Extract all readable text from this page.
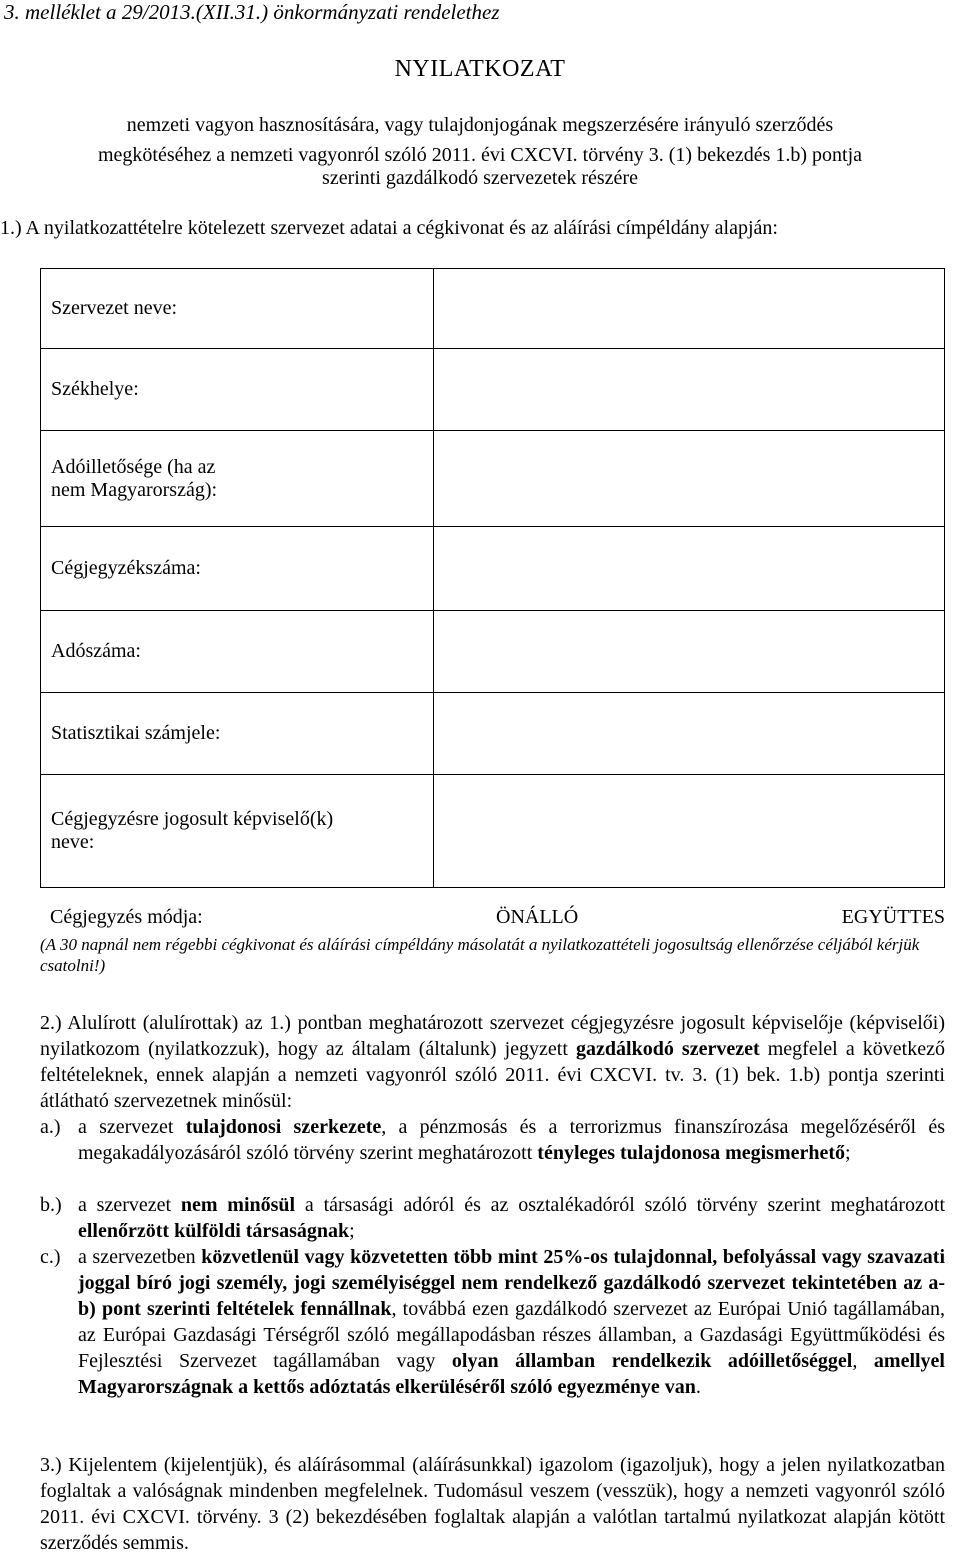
3. melléklet a 29/2013.(XII.31.) önkormányzati rendelethez
NYILATKOZAT
nemzeti vagyon hasznosítására, vagy tulajdonjogának megszerzésére irányuló szerződés
megkötéséhez a nemzeti vagyonról szóló 2011. évi CXCVI. törvény 3. (1) bekezdés 1.b) pontja
szerinti gazdálkodó szervezetek részére
1.) A nyilatkozattételre kötelezett szervezet adatai a cégkivonat és az aláírási címpéldány alapján:
Szervezet neve:	
Székhelye:	
Adóilletősége (ha az nem Magyarország):	
Cégjegyzékszáma:	
Adószáma:	
Statisztikai számjele:	
Cégjegyzésre jogosult képviselő(k) neve:	
Cégjegyzés módja:	ÖNÁLLÓ	EGYÜTTES
(A 30 napnál nem régebbi cégkivonat és aláírási címpéldány másolatát a nyilatkozattételi jogosultság ellenőrzése céljából kérjük csatolni!)
2.) Alulírott (alulírottak) az 1.) pontban meghatározott szervezet cégjegyzésre jogosult képviselője (képviselői) nyilatkozom (nyilatkozzuk), hogy az általam (általunk) jegyzett gazdálkodó szervezet megfelel a következő feltételeknek, ennek alapján a nemzeti vagyonról szóló 2011. évi CXCVI. tv. 3. (1) bek. 1.b) pontja szerinti átlátható szervezetnek minősül:
a.) a szervezet tulajdonosi szerkezete, a pénzmosás és a terrorizmus finanszírozása megelőzéséről és megakadályozásáról szóló törvény szerint meghatározott tényleges tulajdonosa megismerhető;
b.) a szervezet nem minősül a társasági adóról és az osztalékadóról szóló törvény szerint meghatározott ellenőrzött külföldi társaságnak;
c.) a szervezetben közvetlenül vagy közvetetten több mint 25%-os tulajdonnal, befolyással vagy szavazati joggal bíró jogi személy, jogi személyiséggel nem rendelkező gazdálkodó szervezet tekintetében az a-b) pont szerinti feltételek fennállnak, továbbá ezen gazdálkodó szervezet az Európai Unió tagállamában, az Európai Gazdasági Térségről szóló megállapodásban részes államban, a Gazdasági Együttműködési és Fejlesztési Szervezet tagállamában vagy olyan államban rendelkezik adóilletőséggel, amellyel Magyarországnak a kettős adóztatás elkerüléséről szóló egyezménye van.
3.) Kijelentem (kijelentjük), és aláírásommal (aláírásunkkal) igazolom (igazoljuk), hogy a jelen nyilatkozatban foglaltak a valóságnak mindenben megfelelnek. Tudomásul veszem (vesszük), hogy a nemzeti vagyonról szóló 2011. évi CXCVI. törvény. 3 (2) bekezdésében foglaltak alapján a valótlan tartalmú nyilatkozat alapján kötött szerződés semmis.
